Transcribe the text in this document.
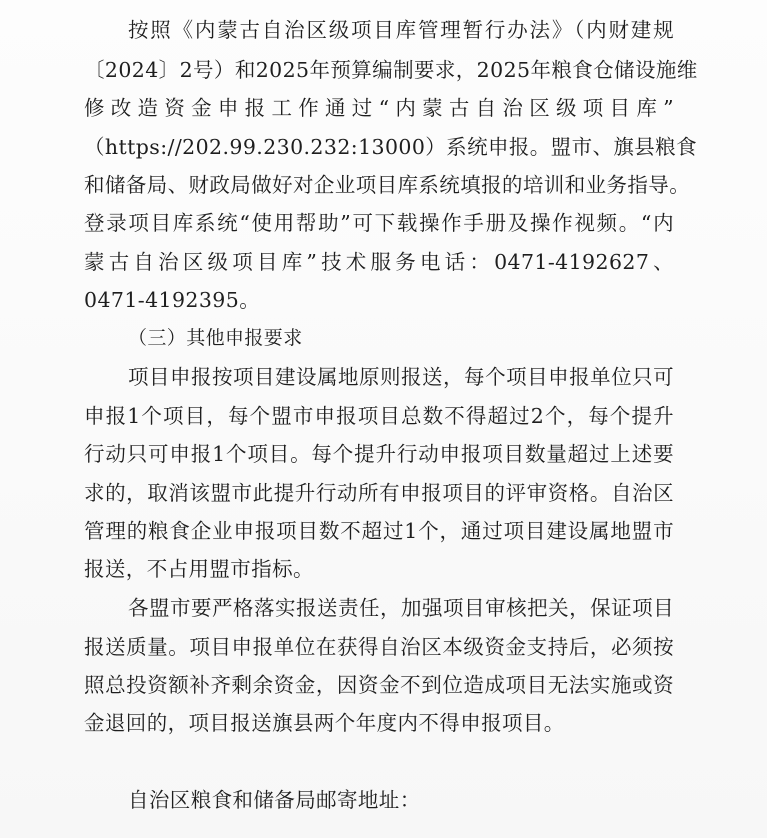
按照《内蒙古自治区级项目库管理暂行办法》（内财建规
〔2024〕2号）和2025年预算编制要求，2025年粮食仓储设施维
修改造资金申报工作通过“内蒙古自治区级项目库”
（https://202.99.230.232:13000）系统申报。盟市、旗县粮食
和储备局、财政局做好对企业项目库系统填报的培训和业务指导。
登录项目库系统“使用帮助”可下载操作手册及操作视频。“内
蒙古自治区级项目库”技术服务电话：0471-4192627、
0471-4192395。
（三）其他申报要求
项目申报按项目建设属地原则报送，每个项目申报单位只可
申报1个项目，每个盟市申报项目总数不得超过2个，每个提升
行动只可申报1个项目。每个提升行动申报项目数量超过上述要
求的，取消该盟市此提升行动所有申报项目的评审资格。自治区
管理的粮食企业申报项目数不超过1个，通过项目建设属地盟市
报送，不占用盟市指标。
各盟市要严格落实报送责任，加强项目审核把关，保证项目
报送质量。项目申报单位在获得自治区本级资金支持后，必须按
照总投资额补齐剩余资金，因资金不到位造成项目无法实施或资
金退回的，项目报送旗县两个年度内不得申报项目。
自治区粮食和储备局邮寄地址：
